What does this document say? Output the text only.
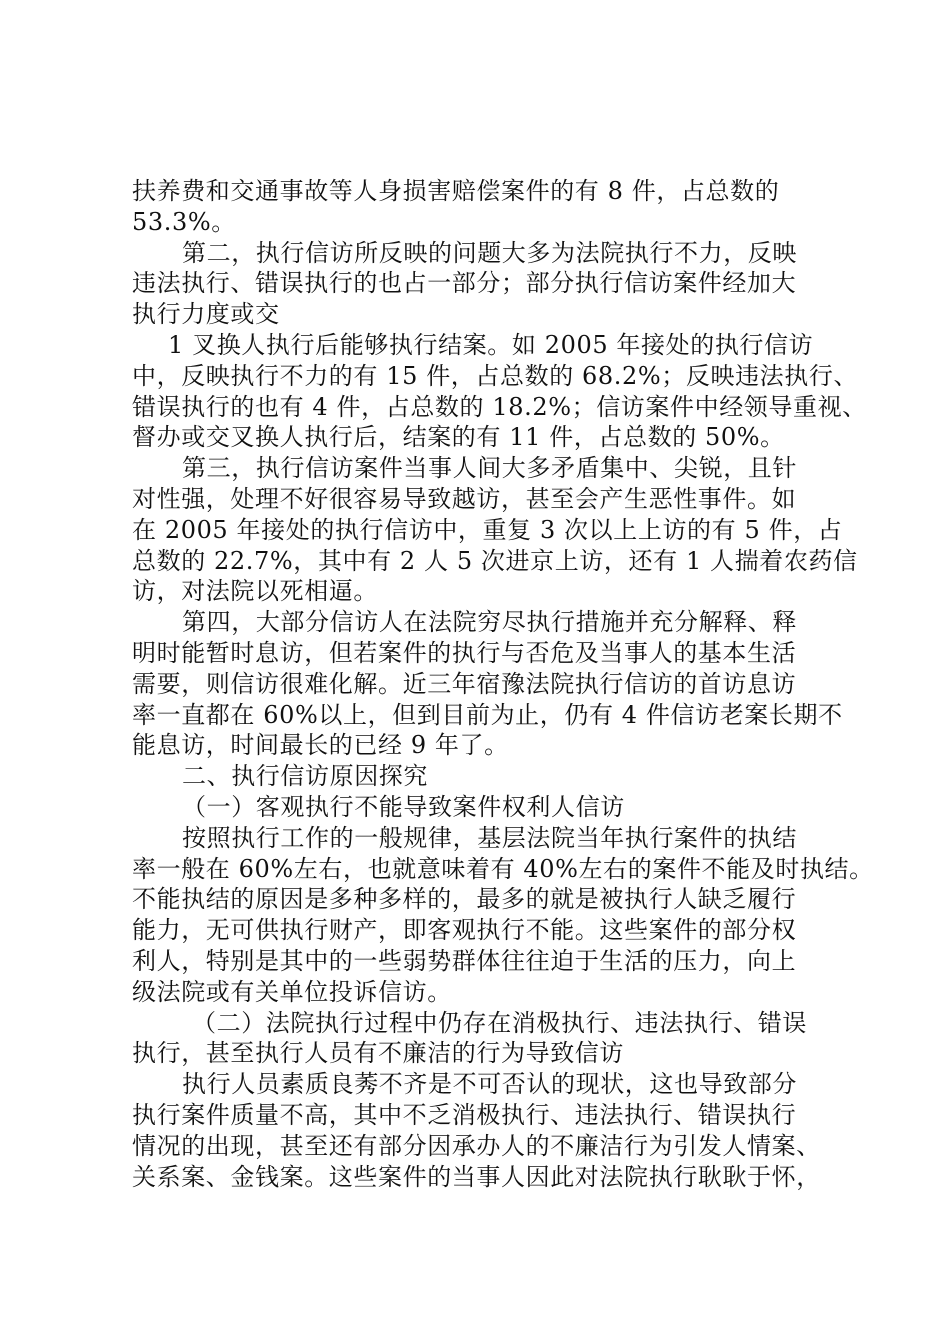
扶养费和交通事故等人身损害赔偿案件的有 8 件，占总数的
53.3%。
第二，执行信访所反映的问题大多为法院执行不力，反映
违法执行、错误执行的也占一部分；部分执行信访案件经加大
执行力度或交
1 叉换人执行后能够执行结案。如 2005 年接处的执行信访
中，反映执行不力的有 15 件，占总数的 68.2%；反映违法执行、
错误执行的也有 4 件，占总数的 18.2%；信访案件中经领导重视、
督办或交叉换人执行后，结案的有 11 件，占总数的 50%。
第三，执行信访案件当事人间大多矛盾集中、尖锐，且针
对性强，处理不好很容易导致越访，甚至会产生恶性事件。如
在 2005 年接处的执行信访中，重复 3 次以上上访的有 5 件，占
总数的 22.7%，其中有 2 人 5 次进京上访，还有 1 人揣着农药信
访，对法院以死相逼。
第四，大部分信访人在法院穷尽执行措施并充分解释、释
明时能暂时息访，但若案件的执行与否危及当事人的基本生活
需要，则信访很难化解。近三年宿豫法院执行信访的首访息访
率一直都在 60%以上，但到目前为止，仍有 4 件信访老案长期不
能息访，时间最长的已经 9 年了。
二、执行信访原因探究
（一）客观执行不能导致案件权利人信访
按照执行工作的一般规律，基层法院当年执行案件的执结
率一般在 60%左右，也就意味着有 40%左右的案件不能及时执结。
不能执结的原因是多种多样的，最多的就是被执行人缺乏履行
能力，无可供执行财产，即客观执行不能。这些案件的部分权
利人，特别是其中的一些弱势群体往往迫于生活的压力，向上
级法院或有关单位投诉信访。
（二）法院执行过程中仍存在消极执行、违法执行、错误
执行，甚至执行人员有不廉洁的行为导致信访
执行人员素质良莠不齐是不可否认的现状，这也导致部分
执行案件质量不高，其中不乏消极执行、违法执行、错误执行
情况的出现，甚至还有部分因承办人的不廉洁行为引发人情案、
关系案、金钱案。这些案件的当事人因此对法院执行耿耿于怀，
